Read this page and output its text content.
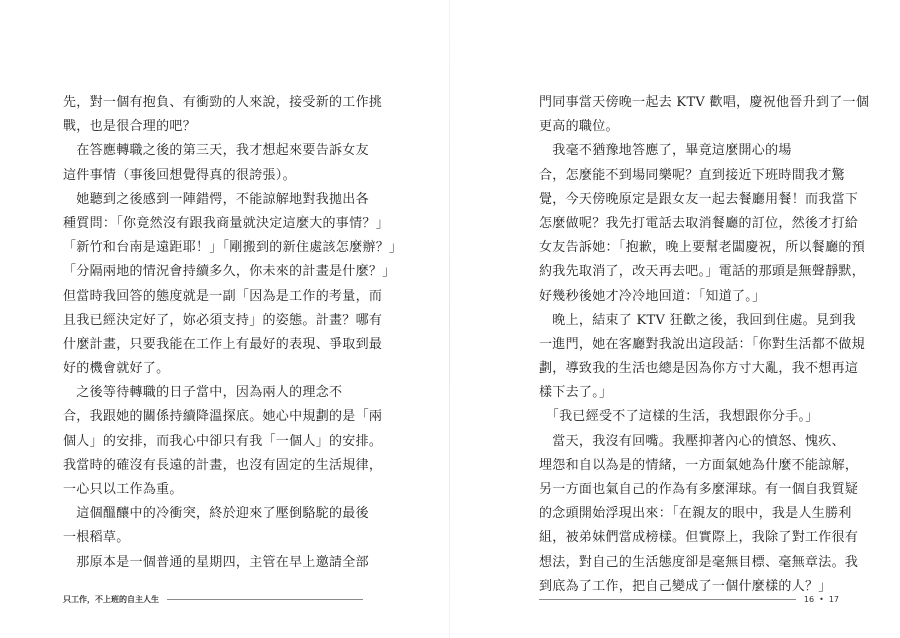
先，對一個有抱負、有衝勁的人來說，接受新的工作挑
戰，也是很合理的吧？
　在答應轉職之後的第三天，我才想起來要告訴女友
這件事情（事後回想覺得真的很誇張）。
　她聽到之後感到一陣錯愕，不能諒解地對我拋出各
種質問：「你竟然沒有跟我商量就決定這麼大的事情？」
「新竹和台南是遠距耶！」「剛搬到的新住處該怎麼辦？」
「分隔兩地的情況會持續多久，你未來的計畫是什麼？」
但當時我回答的態度就是一副「因為是工作的考量，而
且我已經決定好了，妳必須支持」的姿態。計畫？哪有
什麼計畫，只要我能在工作上有最好的表現、爭取到最
好的機會就好了。
　之後等待轉職的日子當中，因為兩人的理念不
合，我跟她的關係持續降溫探底。她心中規劃的是「兩
個人」的安排，而我心中卻只有我「一個人」的安排。
我當時的確沒有長遠的計畫，也沒有固定的生活規律，
一心只以工作為重。
　這個醞釀中的冷衝突，終於迎來了壓倒駱駝的最後
一根稻草。
　那原本是一個普通的星期四，主管在早上邀請全部
只工作，不上班的自主人生
門同事當天傍晚一起去 KTV 歡唱，慶祝他晉升到了一個
更高的職位。
　我毫不猶豫地答應了，畢竟這麼開心的場
合，怎麼能不到場同樂呢？直到接近下班時間我才驚
覺，今天傍晚原定是跟女友一起去餐廳用餐！而我當下
怎麼做呢？我先打電話去取消餐廳的訂位，然後才打給
女友告訴她：「抱歉，晚上要幫老闆慶祝，所以餐廳的預
約我先取消了，改天再去吧。」電話的那頭是無聲靜默，
好幾秒後她才冷冷地回道：「知道了。」
　晚上，結束了 KTV 狂歡之後，我回到住處。見到我
一進門，她在客廳對我說出這段話：「你對生活都不做規
劃，導致我的生活也總是因為你方寸大亂，我不想再這
樣下去了。」
　「我已經受不了這樣的生活，我想跟你分手。」
　當天，我沒有回嘴。我壓抑著內心的憤怒、愧疚、
埋怨和自以為是的情緒，一方面氣她為什麼不能諒解，
另一方面也氣自己的作為有多麼渾球。有一個自我質疑
的念頭開始浮現出來：「在親友的眼中，我是人生勝利
組，被弟妹們當成榜樣。但實際上，我除了對工作很有
想法，對自己的生活態度卻是毫無目標、毫無章法。我
到底為了工作，把自己變成了一個什麼樣的人？」
16 • 17
